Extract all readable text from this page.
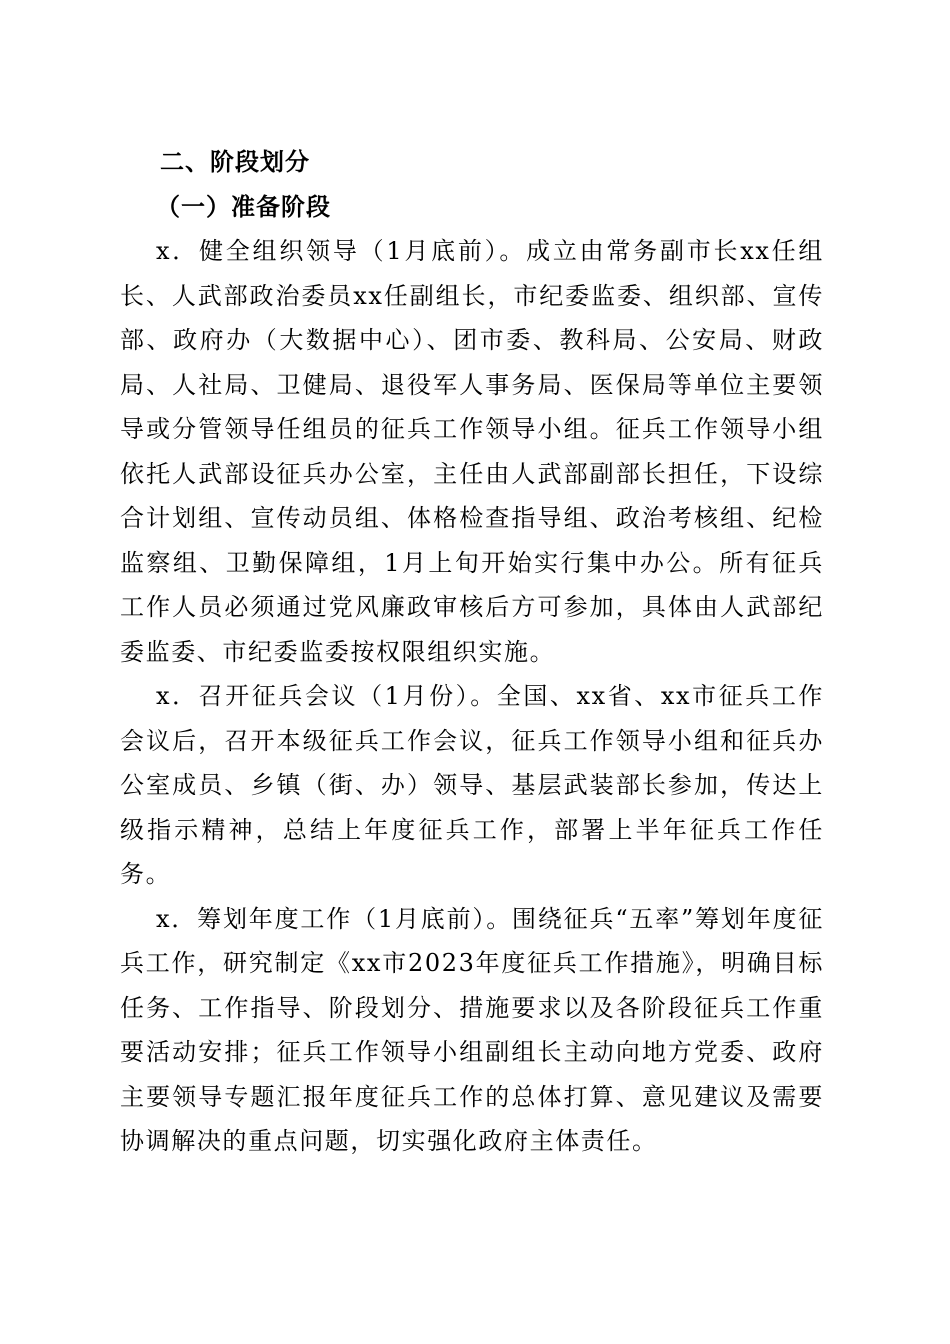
二、阶段划分

（一）准备阶段

x．健全组织领导（1月底前）。成立由常务副市长xx任组长、人武部政治委员xx任副组长，市纪委监委、组织部、宣传部、政府办（大数据中心）、团市委、教科局、公安局、财政局、人社局、卫健局、退役军人事务局、医保局等单位主要领导或分管领导任组员的征兵工作领导小组。征兵工作领导小组依托人武部设征兵办公室，主任由人武部副部长担任，下设综合计划组、宣传动员组、体格检查指导组、政治考核组、纪检监察组、卫勤保障组，1月上旬开始实行集中办公。所有征兵工作人员必须通过党风廉政审核后方可参加，具体由人武部纪委监委、市纪委监委按权限组织实施。

x．召开征兵会议（1月份）。全国、xx省、xx市征兵工作会议后，召开本级征兵工作会议，征兵工作领导小组和征兵办公室成员、乡镇（街、办）领导、基层武装部长参加，传达上级指示精神，总结上年度征兵工作，部署上半年征兵工作任务。

x．筹划年度工作（1月底前）。围绕征兵“五率”筹划年度征兵工作，研究制定《xx市2023年度征兵工作措施》，明确目标任务、工作指导、阶段划分、措施要求以及各阶段征兵工作重要活动安排；征兵工作领导小组副组长主动向地方党委、政府主要领导专题汇报年度征兵工作的总体打算、意见建议及需要协调解决的重点问题，切实强化政府主体责任。
